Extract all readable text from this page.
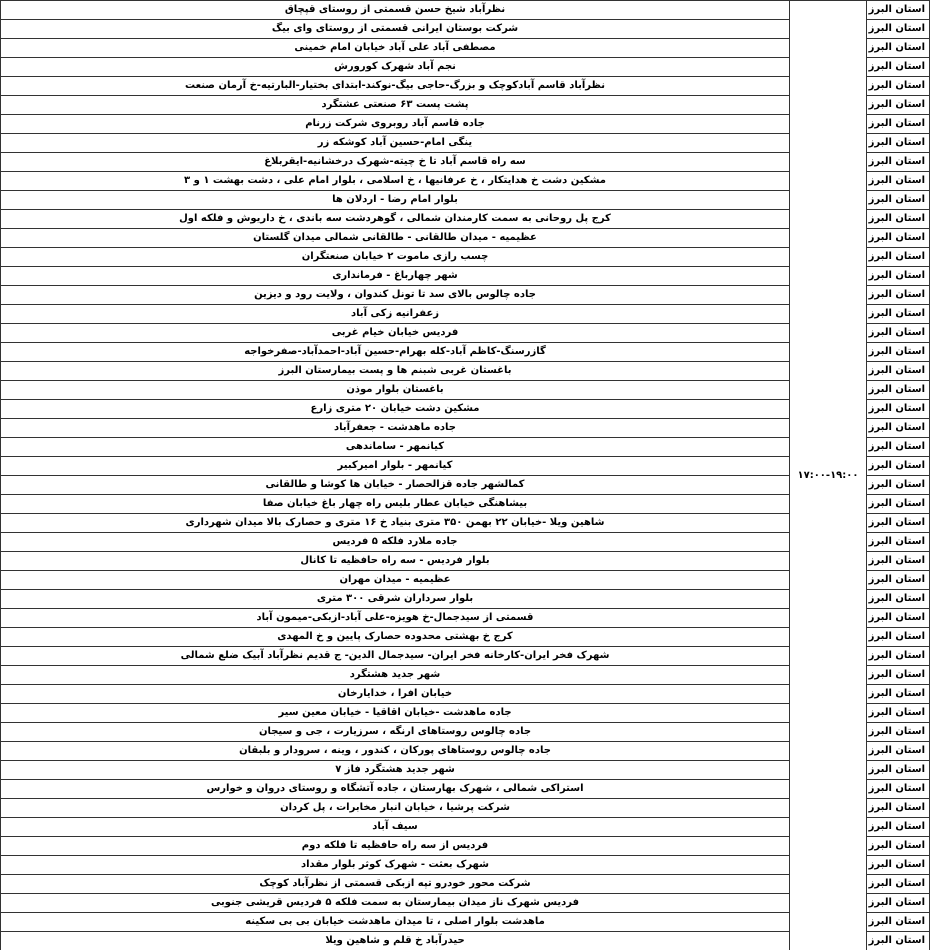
استان البرز	۱۷:۰۰-۱۹:۰۰	نظرآباد شیخ حسن قسمتی از روستای قپچاق
استان البرز		شرکت بوستان ایرانی قسمتی از روستای وای بیگ
استان البرز		مصطفی آباد علی آباد خیابان امام خمینی
استان البرز		نجم آباد شهرک کورورش
استان البرز		نظرآباد قاسم آبادکوچک و بزرگ-حاجی بیگ-نوکند-ابتدای بختیار-البارتیه-خ آرمان صنعت
استان البرز		پشت پست ۶۳ صنعتی عشتگرد
استان البرز		جاده قاسم آباد روبروی شرکت زرنام
استان البرز		ینگی امام-حسین آباد کوشکه زر
استان البرز		سه راه قاسم آباد تا خ چیته-شهرک درخشانیه-ایقربلاغ
استان البرز		مشکین دشت خ هدایتکار ، خ عرفانیها ، خ اسلامی ، بلوار امام علی ، دشت بهشت ۱ و ۳
استان البرز		بلوار امام رضا - اردلان ها
استان البرز		کرج پل روحانی به سمت کارمندان شمالی ، گوهردشت سه باندی ، خ داریوش و فلکه اول
استان البرز		عظیمیه - میدان طالقانی - طالقانی شمالی میدان گلستان
استان البرز		چسب رازی ماموت ۲ خیابان صنعتگران
استان البرز		شهر چهارباغ - فرمانداری
استان البرز		جاده چالوس بالای سد تا تونل کندوان ، ولایت رود و دیزین
استان البرز		زعفرانیه زکی آباد
استان البرز		فردیس خیابان خیام غربی
استان البرز		گازرسنگ-کاظم آباد-کله بهرام-حسین آباد-احمدآباد-صفرخواجه
استان البرز		باغستان غربی شبنم ها و پست بیمارستان البرز
استان البرز		باغستان بلوار موذن
استان البرز		مشکین دشت خیابان ۲۰ متری زارع
استان البرز		جاده ماهدشت - جعفرآباد
استان البرز		کیانمهر - ساماندهی
استان البرز		کیانمهر - بلوار امیرکبیر
استان البرز		کمالشهر جاده قزالحصار - خیابان ها کوشا و طالقانی
استان البرز		بیشاهنگی خیابان عطار بلیس راه چهار باغ خیابان صفا
استان البرز		شاهین ویلا -خیابان ۲۲ بهمن ۳۵۰ متری بنیاد خ ۱۶ متری و حصارک بالا میدان شهرداری
استان البرز		جاده ملارد فلکه ۵ فردیس
استان البرز		بلوار فردیس - سه راه حافظیه تا کانال
استان البرز		عظیمیه - میدان مهران
استان البرز		بلوار سرداران شرقی ۳۰۰ متری
استان البرز		قسمتی از سیدجمال-خ هویزه-علی آباد-ازبکی-میمون آباد
استان البرز		کرج خ بهشتی محدوده حصارک پایین و خ المهدی
استان البرز		شهرک فخر ایران-کارخانه فخر ایران- سیدجمال الدین- ج قدیم نظرآباد آبیک ضلع شمالی
استان البرز		شهر جدید هشتگرد
استان البرز		خیابان افرا ، خدایارخان
استان البرز		جاده ماهدشت -خیابان اقاقیا - خیابان معین سیر
استان البرز		جاده چالوس روستاهای ارنگه ، سرزیارت ، جی و سیجان
استان البرز		جاده چالوس روستاهای پورکان ، کندور ، وینه ، سرودار و بلبقان
استان البرز		شهر جدید هشتگرد فاز ۷
استان البرز		استراکی شمالی ، شهرک بهارستان ، جاده آتشگاه و روستای دروان و خوارس
استان البرز		شرکت پرشیا ، خیابان انبار مخابرات ، پل کردان
استان البرز		سیف آباد
استان البرز		فردیس از سه راه حافظیه تا فلکه دوم
استان البرز		شهرک بعثت - شهرک کوثر بلوار مقداد
استان البرز		شرکت محور خودرو تپه ازبکی قسمتی از نظرآباد کوچک
استان البرز		فردیس شهرک ناز میدان بیمارستان به سمت فلکه ۵ فردیس قریشی جنوبی
استان البرز		ماهدشت بلوار اصلی ، تا میدان ماهدشت خیابان بی بی سکینه
استان البرز		حیدرآباد خ قلم و شاهین ویلا
